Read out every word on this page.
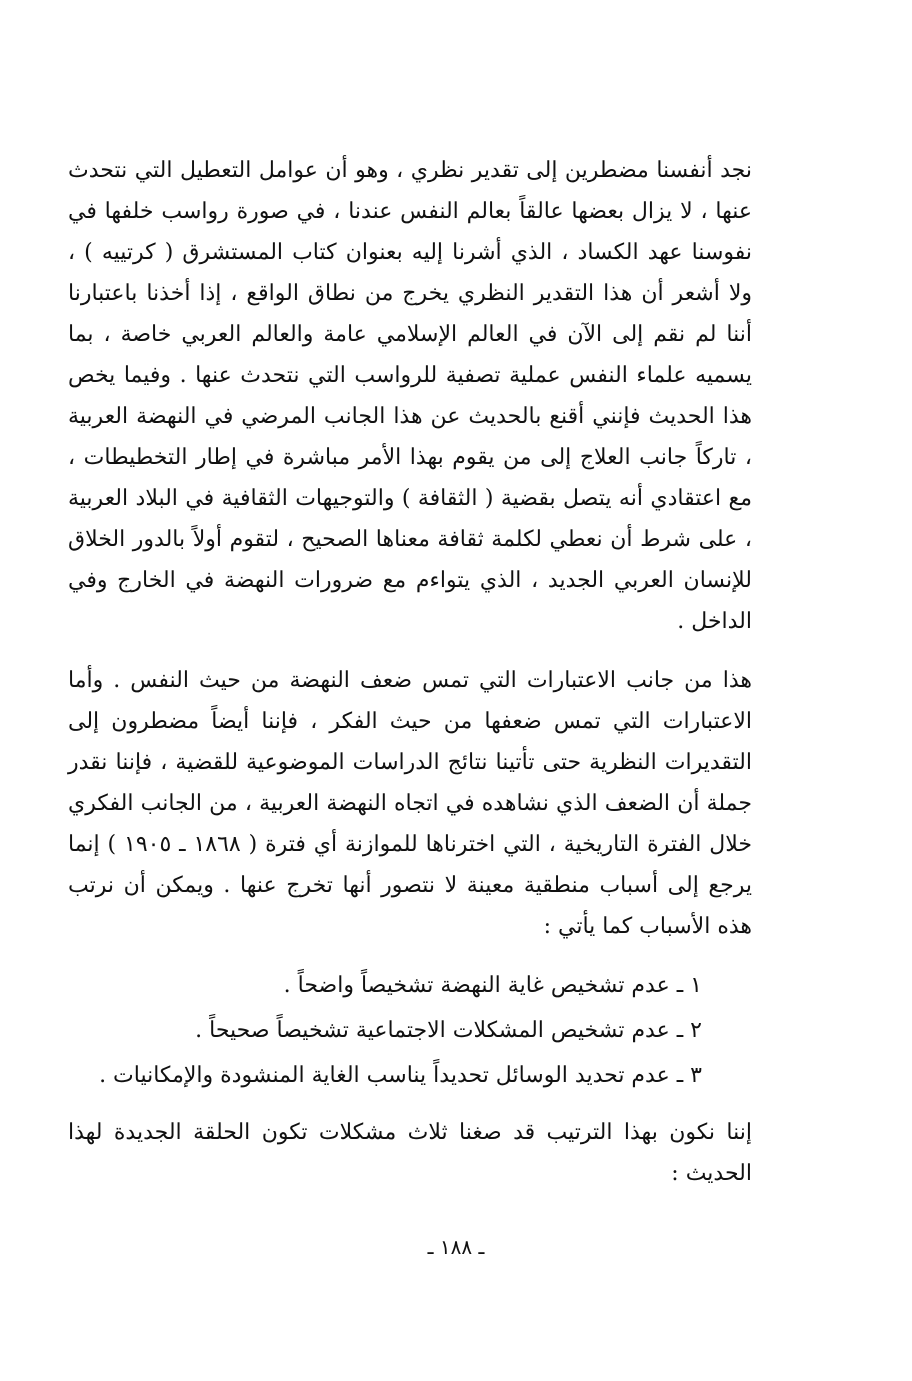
نجد أنفسنا مضطرين إلى تقدير نظري ، وهو أن عوامل التعطيل التي نتحدث عنها ، لا يزال بعضها عالقاً بعالم النفس عندنا ، في صورة رواسب خلفها في نفوسنا عهد الكساد ، الذي أشرنا إليه بعنوان كتاب المستشرق ( كرتييه ) ، ولا أشعر أن هذا التقدير النظري يخرج من نطاق الواقع ، إذا أخذنا باعتبارنا أننا لم نقم إلى الآن في العالم الإسلامي عامة والعالم العربي خاصة ، بما يسميه علماء النفس عملية تصفية للرواسب التي نتحدث عنها . وفيما يخص هذا الحديث فإنني أقنع بالحديث عن هذا الجانب المرضي في النهضة العربية ، تاركاً جانب العلاج إلى من يقوم بهذا الأمر مباشرة في إطار التخطيطات ، مع اعتقادي أنه يتصل بقضية ( الثقافة ) والتوجيهات الثقافية في البلاد العربية ، على شرط أن نعطي لكلمة ثقافة معناها الصحيح ، لتقوم أولاً بالدور الخلاق للإنسان العربي الجديد ، الذي يتواءم مع ضرورات النهضة في الخارج وفي الداخل .

هذا من جانب الاعتبارات التي تمس ضعف النهضة من حيث النفس . وأما الاعتبارات التي تمس ضعفها من حيث الفكر ، فإننا أيضاً مضطرون إلى التقديرات النظرية حتى تأتينا نتائج الدراسات الموضوعية للقضية ، فإننا نقدر جملة أن الضعف الذي نشاهده في اتجاه النهضة العربية ، من الجانب الفكري خلال الفترة التاريخية ، التي اخترناها للموازنة أي فترة ( ١٨٦٨ ـ ١٩٠٥ ) إنما يرجع إلى أسباب منطقية معينة لا نتصور أنها تخرج عنها . ويمكن أن نرتب هذه الأسباب كما يأتي :

١ ـ عدم تشخيص غاية النهضة تشخيصاً واضحاً .
٢ ـ عدم تشخيص المشكلات الاجتماعية تشخيصاً صحيحاً .
٣ ـ عدم تحديد الوسائل تحديداً يناسب الغاية المنشودة والإمكانيات .

إننا نكون بهذا الترتيب قد صغنا ثلاث مشكلات تكون الحلقة الجديدة لهذا الحديث :

ـ ١٨٨ ـ
